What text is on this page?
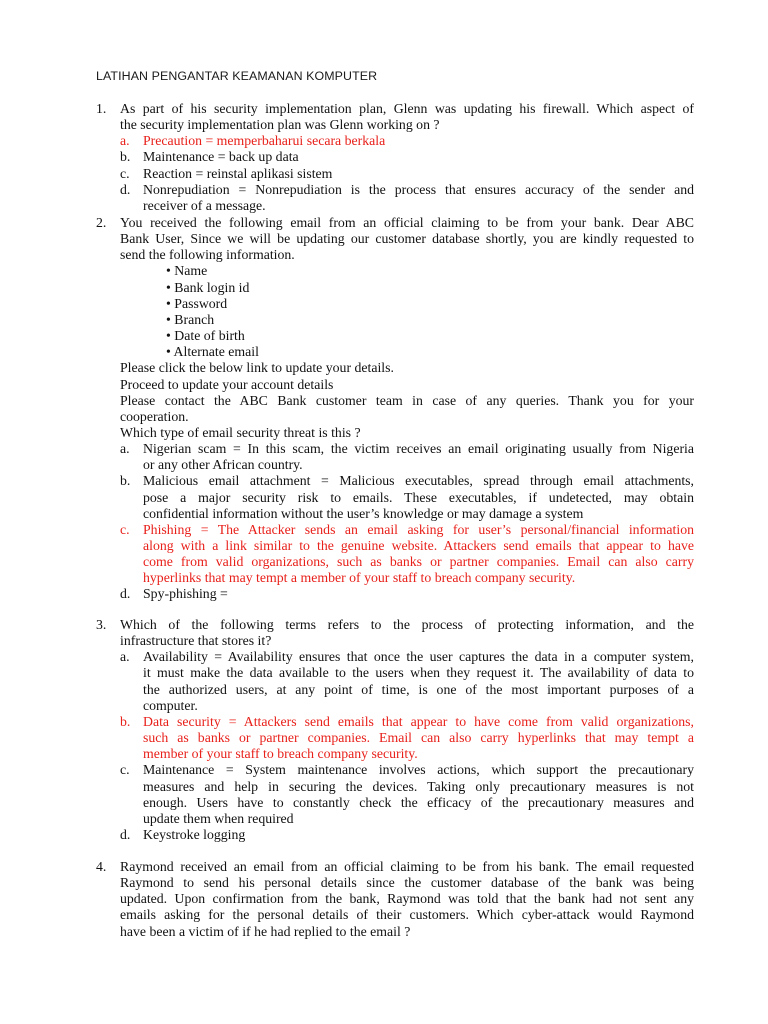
LATIHAN PENGANTAR KEAMANAN KOMPUTER
1. As part of his security implementation plan, Glenn was updating his firewall. Which aspect of
the security implementation plan was Glenn working on ?
a. Precaution = memperbaharui secara berkala
b. Maintenance = back up data
c. Reaction = reinstal aplikasi sistem
d. Nonrepudiation = Nonrepudiation is the process that ensures accuracy of the sender and
receiver of a message.
2. You received the following email from an official claiming to be from your bank. Dear ABC
Bank User, Since we will be updating our customer database shortly, you are kindly requested to
send the following information.
• Name
• Bank login id
• Password
• Branch
• Date of birth
• Alternate email
Please click the below link to update your details.
Proceed to update your account details
Please contact the ABC Bank customer team in case of any queries. Thank you for your
cooperation.
Which type of email security threat is this ?
a. Nigerian scam = In this scam, the victim receives an email originating usually from Nigeria
or any other African country.
b. Malicious email attachment = Malicious executables, spread through email attachments,
pose a major security risk to emails. These executables, if undetected, may obtain
confidential information without the user’s knowledge or may damage a system
c. Phishing = The Attacker sends an email asking for user’s personal/financial information
along with a link similar to the genuine website. Attackers send emails that appear to have
come from valid organizations, such as banks or partner companies. Email can also carry
hyperlinks that may tempt a member of your staff to breach company security.
d. Spy-phishing =
3. Which of the following terms refers to the process of protecting information, and the
infrastructure that stores it?
a. Availability = Availability ensures that once the user captures the data in a computer system,
it must make the data available to the users when they request it. The availability of data to
the authorized users, at any point of time, is one of the most important purposes of a
computer.
b. Data security = Attackers send emails that appear to have come from valid organizations,
such as banks or partner companies. Email can also carry hyperlinks that may tempt a
member of your staff to breach company security.
c. Maintenance = System maintenance involves actions, which support the precautionary
measures and help in securing the devices. Taking only precautionary measures is not
enough. Users have to constantly check the efficacy of the precautionary measures and
update them when required
d. Keystroke logging
4. Raymond received an email from an official claiming to be from his bank. The email requested
Raymond to send his personal details since the customer database of the bank was being
updated. Upon confirmation from the bank, Raymond was told that the bank had not sent any
emails asking for the personal details of their customers. Which cyber-attack would Raymond
have been a victim of if he had replied to the email ?
